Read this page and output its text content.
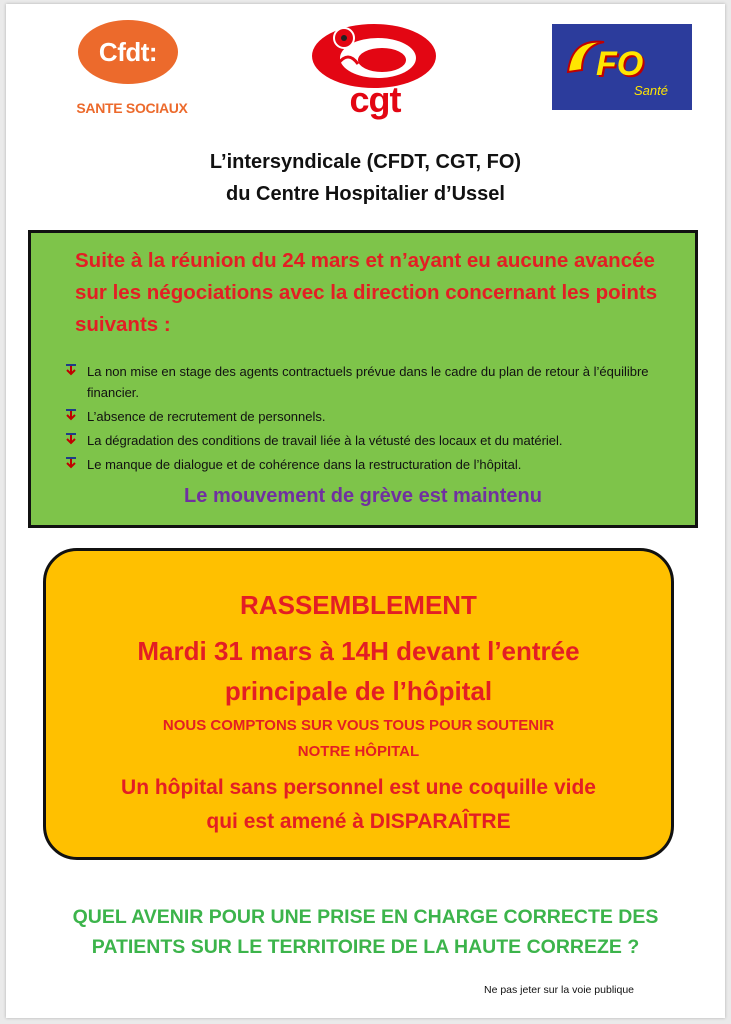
Cfdt:
SANTE SOCIAUX	cgt
FO
Santé
L’intersyndicale (CFDT, CGT, FO)
du Centre Hospitalier d’Ussel
Suite à la réunion du 24 mars et n’ayant eu aucune avancée sur les négociations avec la direction concernant les points suivants :
La non mise en stage des agents contractuels prévue dans le cadre du plan de retour à l’équilibre financier.
L’absence de recrutement de personnels.
La dégradation des conditions de travail liée à la vétusté des locaux et du matériel.
Le manque de dialogue et de cohérence dans la restructuration de l’hôpital.
Le mouvement de grève est maintenu
RASSEMBLEMENT
Mardi 31 mars à 14H devant l’entrée
principale de l’hôpital
NOUS COMPTONS SUR VOUS TOUS POUR SOUTENIR
NOTRE HÔPITAL
Un hôpital sans personnel est une coquille vide
qui est amené à DISPARAÎTRE
QUEL AVENIR POUR UNE PRISE EN CHARGE CORRECTE DES
PATIENTS SUR LE TERRITOIRE DE LA HAUTE CORREZE ?
Ne pas jeter sur la voie publique
